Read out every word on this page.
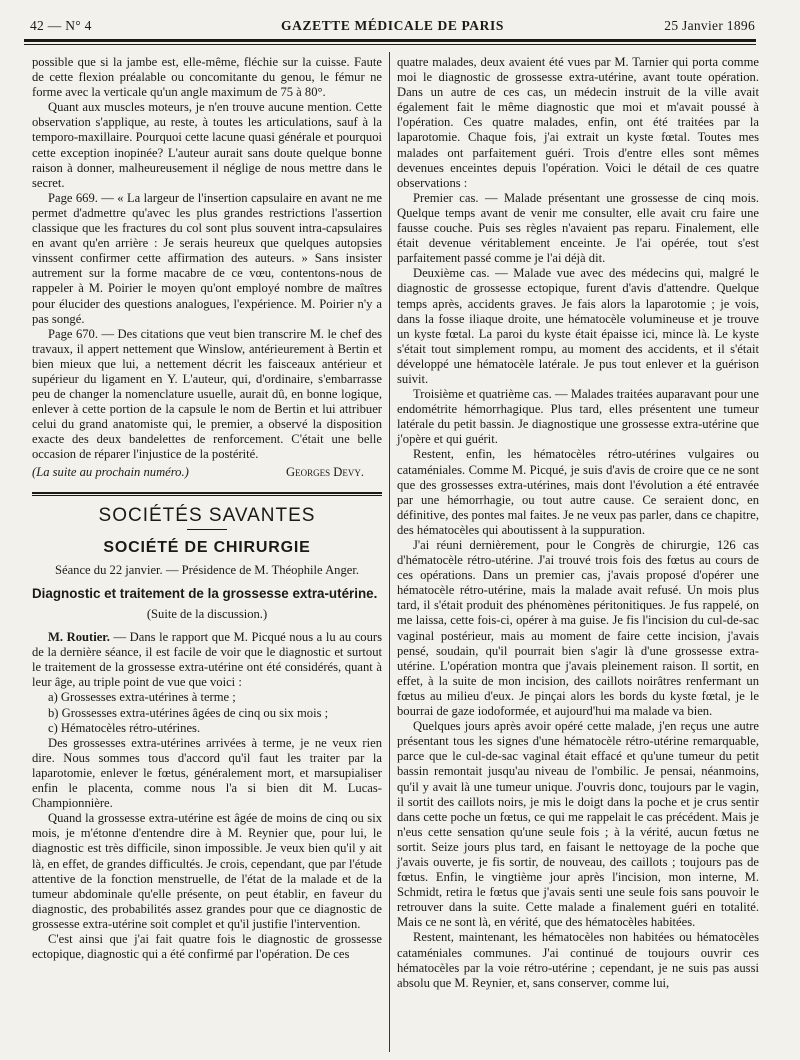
42 — N° 4	GAZETTE MÉDICALE DE PARIS	25 Janvier 1896

possible que si la jambe est, elle-même, fléchie sur la cuisse. Faute de cette flexion préalable ou concomitante du genou, le fémur ne forme avec la verticale qu'un angle maximum de 75 à 80°.

Quant aux muscles moteurs, je n'en trouve aucune mention. Cette observation s'applique, au reste, à toutes les articulations, sauf à la temporo-maxillaire. Pourquoi cette lacune quasi générale et pourquoi cette exception inopinée? L'auteur aurait sans doute quelque bonne raison à donner, malheureusement il néglige de nous mettre dans le secret.

Page 669. — « La largeur de l'insertion capsulaire en avant ne me permet d'admettre qu'avec les plus grandes restrictions l'assertion classique que les fractures du col sont plus souvent intra-capsulaires en avant qu'en arrière : Je serais heureux que quelques autopsies vinssent confirmer cette affirmation des auteurs. » Sans insister autrement sur la forme macabre de ce vœu, contentons-nous de rappeler à M. Poirier le moyen qu'ont employé nombre de maîtres pour élucider des questions analogues, l'expérience. M. Poirier n'y a pas songé.

Page 670. — Des citations que veut bien transcrire M. le chef des travaux, il appert nettement que Winslow, antérieurement à Bertin et bien mieux que lui, a nettement décrit les faisceaux antérieur et supérieur du ligament en Y. L'auteur, qui, d'ordinaire, s'embarrasse peu de changer la nomenclature usuelle, aurait dû, en bonne logique, enlever à cette portion de la capsule le nom de Bertin et lui attribuer celui du grand anatomiste qui, le premier, a observé la disposition exacte des deux bandelettes de renforcement. C'était une belle occasion de réparer l'injustice de la postérité.

(La suite au prochain numéro.)	Georges Devy.
SOCIÉTÉS SAVANTES
SOCIÉTÉ DE CHIRURGIE
Séance du 22 janvier. — Présidence de M. Théophile Anger.
Diagnostic et traitement de la grossesse extra-utérine.
(Suite de la discussion.)

M. Routier. — Dans le rapport que M. Picqué nous a lu au cours de la dernière séance, il est facile de voir que le diagnostic et surtout le traitement de la grossesse extra-utérine ont été considérés, quant à leur âge, au triple point de vue que voici :

a) Grossesses extra-utérines à terme ;

b) Grossesses extra-utérines âgées de cinq ou six mois ;

c) Hématocèles rétro-utérines.

Des grossesses extra-utérines arrivées à terme, je ne veux rien dire. Nous sommes tous d'accord qu'il faut les traiter par la laparotomie, enlever le fœtus, généralement mort, et marsupialiser enfin le placenta, comme nous l'a si bien dit M. Lucas-Championnière.

Quand la grossesse extra-utérine est âgée de moins de cinq ou six mois, je m'étonne d'entendre dire à M. Reynier que, pour lui, le diagnostic est très difficile, sinon impossible. Je veux bien qu'il y ait là, en effet, de grandes difficultés. Je crois, cependant, que par l'étude attentive de la fonction menstruelle, de l'état de la malade et de la tumeur abdominale qu'elle présente, on peut établir, en faveur du diagnostic, des probabilités assez grandes pour que ce diagnostic de grossesse extra-utérine soit complet et qu'il justifie l'intervention.

C'est ainsi que j'ai fait quatre fois le diagnostic de grossesse ectopique, diagnostic qui a été confirmé par l'opération. De ces

quatre malades, deux avaient été vues par M. Tarnier qui porta comme moi le diagnostic de grossesse extra-utérine, avant toute opération. Dans un autre de ces cas, un médecin instruit de la ville avait également fait le même diagnostic que moi et m'avait poussé à l'opération. Ces quatre malades, enfin, ont été traitées par la laparotomie. Chaque fois, j'ai extrait un kyste fœtal. Toutes mes malades ont parfaitement guéri. Trois d'entre elles sont mêmes devenues enceintes depuis l'opération. Voici le détail de ces quatre observations :

Premier cas. — Malade présentant une grossesse de cinq mois. Quelque temps avant de venir me consulter, elle avait cru faire une fausse couche. Puis ses règles n'avaient pas reparu. Finalement, elle était devenue véritablement enceinte. Je l'ai opérée, tout s'est parfaitement passé comme je l'ai déjà dit.

Deuxième cas. — Malade vue avec des médecins qui, malgré le diagnostic de grossesse ectopique, furent d'avis d'attendre. Quelque temps après, accidents graves. Je fais alors la laparotomie ; je vois, dans la fosse iliaque droite, une hématocèle volumineuse et je trouve un kyste fœtal. La paroi du kyste était épaisse ici, mince là. Le kyste s'était tout simplement rompu, au moment des accidents, et il s'était développé une hématocèle latérale. Je pus tout enlever et la guérison suivit.

Troisième et quatrième cas. — Malades traitées auparavant pour une endométrite hémorrhagique. Plus tard, elles présentent une tumeur latérale du petit bassin. Je diagnostique une grossesse extra-utérine que j'opère et qui guérit.

Restent, enfin, les hématocèles rétro-utérines vulgaires ou cataméniales. Comme M. Picqué, je suis d'avis de croire que ce ne sont que des grossesses extra-utérines, mais dont l'évolution a été entravée par une hémorrhagie, ou tout autre cause. Ce seraient donc, en définitive, des pontes mal faites. Je ne veux pas parler, dans ce chapitre, des hématocèles qui aboutissent à la suppuration.

J'ai réuni dernièrement, pour le Congrès de chirurgie, 126 cas d'hématocèle rétro-utérine. J'ai trouvé trois fois des fœtus au cours de ces opérations. Dans un premier cas, j'avais proposé d'opérer une hématocèle rétro-utérine, mais la malade avait refusé. Un mois plus tard, il s'était produit des phénomènes péritonitiques. Je fus rappelé, on me laissa, cette fois-ci, opérer à ma guise. Je fis l'incision du cul-de-sac vaginal postérieur, mais au moment de faire cette incision, j'avais pensé, soudain, qu'il pourrait bien s'agir là d'une grossesse extra-utérine. L'opération montra que j'avais pleinement raison. Il sortit, en effet, à la suite de mon incision, des caillots noirâtres renfermant un fœtus au milieu d'eux. Je pinçai alors les bords du kyste fœtal, je le bourrai de gaze iodoformée, et aujourd'hui ma malade va bien.

Quelques jours après avoir opéré cette malade, j'en reçus une autre présentant tous les signes d'une hématocèle rétro-utérine remarquable, parce que le cul-de-sac vaginal était effacé et qu'une tumeur du petit bassin remontait jusqu'au niveau de l'ombilic. Je pensai, néanmoins, qu'il y avait là une tumeur unique. J'ouvris donc, toujours par le vagin, il sortit des caillots noirs, je mis le doigt dans la poche et je crus sentir dans cette poche un fœtus, ce qui me rappelait le cas précédent. Mais je n'eus cette sensation qu'une seule fois ; à la vérité, aucun fœtus ne sortit. Seize jours plus tard, en faisant le nettoyage de la poche que j'avais ouverte, je fis sortir, de nouveau, des caillots ; toujours pas de fœtus. Enfin, le vingtième jour après l'incision, mon interne, M. Schmidt, retira le fœtus que j'avais senti une seule fois sans pouvoir le retrouver dans la suite. Cette malade a finalement guéri en totalité. Mais ce ne sont là, en vérité, que des hématocèles habitées.

Restent, maintenant, les hématocèles non habitées ou hématocèles cataméniales communes. J'ai continué de toujours ouvrir ces hématocèles par la voie rétro-utérine ; cependant, je ne suis pas aussi absolu que M. Reynier, et, sans conserver, comme lui,
